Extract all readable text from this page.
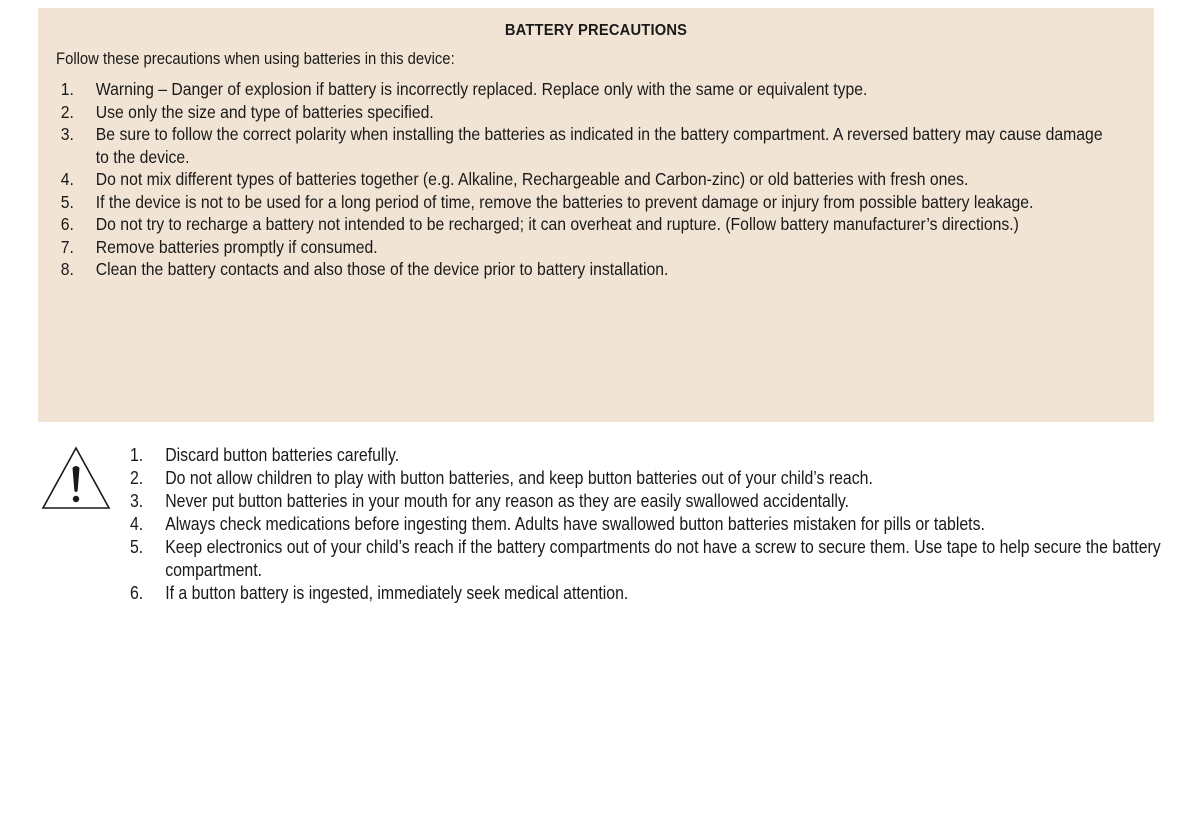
BATTERY PRECAUTIONS
Follow these precautions when using batteries in this device:
1. Warning – Danger of explosion if battery is incorrectly replaced. Replace only with the same or equivalent type.
2. Use only the size and type of batteries specified.
3. Be sure to follow the correct polarity when installing the batteries as indicated in the battery compartment. A reversed battery may cause damage to the device.
4. Do not mix different types of batteries together (e.g. Alkaline, Rechargeable and Carbon-zinc) or old batteries with fresh ones.
5. If the device is not to be used for a long period of time, remove the batteries to prevent damage or injury from possible battery leakage.
6. Do not try to recharge a battery not intended to be recharged; it can overheat and rupture. (Follow battery manufacturer’s directions.)
7. Remove batteries promptly if consumed.
8. Clean the battery contacts and also those of the device prior to battery installation.
1. Discard button batteries carefully.
2. Do not allow children to play with button batteries, and keep button batteries out of your child’s reach.
3. Never put button batteries in your mouth for any reason as they are easily swallowed accidentally.
4. Always check medications before ingesting them. Adults have swallowed button batteries mistaken for pills or tablets.
5. Keep electronics out of your child’s reach if the battery compartments do not have a screw to secure them. Use tape to help secure the battery compartment.
6. If a button battery is ingested, immediately seek medical attention.
